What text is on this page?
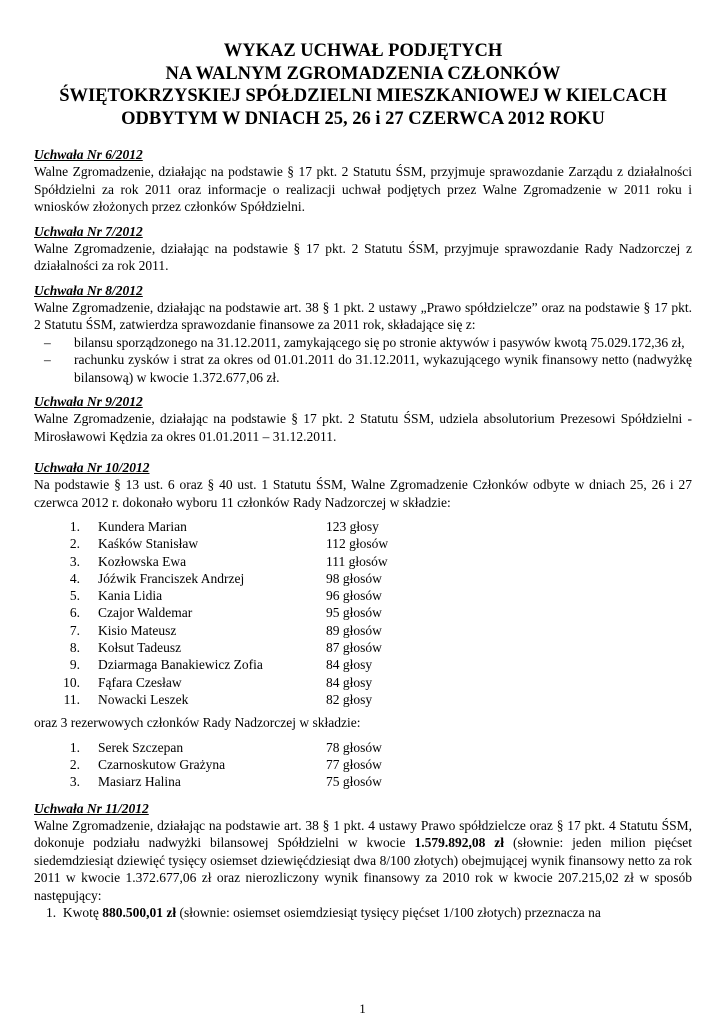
WYKAZ UCHWAŁ PODJĘTYCH
NA WALNYM ZGROMADZENIA CZŁONKÓW
ŚWIĘTOKRZYSKIEJ SPÓŁDZIELNI MIESZKANIOWEJ W KIELCACH
ODBYTYM W DNIACH 25, 26 i 27 CZERWCA 2012 ROKU
Uchwała Nr 6/2012
Walne Zgromadzenie, działając na podstawie § 17 pkt. 2 Statutu ŚSM, przyjmuje sprawozdanie Zarządu z działalności Spółdzielni za rok 2011 oraz informacje o realizacji uchwał podjętych przez Walne Zgromadzenie w 2011 roku i wniosków złożonych przez członków Spółdzielni.
Uchwała Nr 7/2012
Walne Zgromadzenie, działając na podstawie § 17 pkt. 2 Statutu ŚSM, przyjmuje sprawozdanie Rady Nadzorczej z działalności za rok 2011.
Uchwała Nr 8/2012
Walne Zgromadzenie, działając na podstawie art. 38 § 1 pkt. 2 ustawy „Prawo spółdzielcze” oraz na podstawie § 17 pkt. 2 Statutu ŚSM, zatwierdza sprawozdanie finansowe za 2011 rok, składające się z:
– bilansu sporządzonego na 31.12.2011, zamykającego się po stronie aktywów i pasywów kwotą 75.029.172,36 zł,
– rachunku zysków i strat za okres od 01.01.2011 do 31.12.2011, wykazującego wynik finansowy netto (nadwyżkę bilansową) w kwocie 1.372.677,06 zł.
Uchwała Nr 9/2012
Walne Zgromadzenie, działając na podstawie § 17 pkt. 2 Statutu ŚSM, udziela absolutorium Prezesowi Spółdzielni - Mirosławowi Kędzia za okres 01.01.2011 – 31.12.2011.
Uchwała Nr 10/2012
Na podstawie § 13 ust. 6 oraz § 40 ust. 1 Statutu ŚSM, Walne Zgromadzenie Członków odbyte w dniach 25, 26 i 27 czerwca 2012 r. dokonało wyboru 11 członków Rady Nadzorczej w składzie:
1.	Kundera Marian	123 głosy
2.	Kaśków Stanisław	112 głosów
3.	Kozłowska Ewa	111 głosów
4.	Jóźwik Franciszek Andrzej	98 głosów
5.	Kania Lidia	96 głosów
6.	Czajor Waldemar	95 głosów
7.	Kisio Mateusz	89 głosów
8.	Kołsut Tadeusz	87 głosów
9.	Dziarmaga Banakiewicz Zofia	84 głosy
10.	Fąfara Czesław	84 głosy
11.	Nowacki Leszek	82 głosy
oraz 3 rezerwowych członków Rady Nadzorczej w składzie:
1.	Serek Szczepan	78 głosów
2.	Czarnoskutow Grażyna	77 głosów
3.	Masiarz Halina	75 głosów
Uchwała Nr 11/2012
Walne Zgromadzenie, działając na podstawie art. 38 § 1 pkt. 4 ustawy Prawo spółdzielcze oraz § 17 pkt. 4 Statutu ŚSM, dokonuje podziału nadwyżki bilansowej Spółdzielni w kwocie 1.579.892,08 zł (słownie: jeden milion pięćset siedemdziesiąt dziewięć tysięcy osiemset dziewięćdziesiąt dwa 8/100 złotych) obejmującej wynik finansowy netto za rok 2011 w kwocie 1.372.677,06 zł oraz nierozliczony wynik finansowy za 2010 rok w kwocie 207.215,02 zł w sposób następujący:
1. Kwotę 880.500,01 zł (słownie: osiemset osiemdziesiąt tysięcy pięćset 1/100 złotych) przeznacza na
1
